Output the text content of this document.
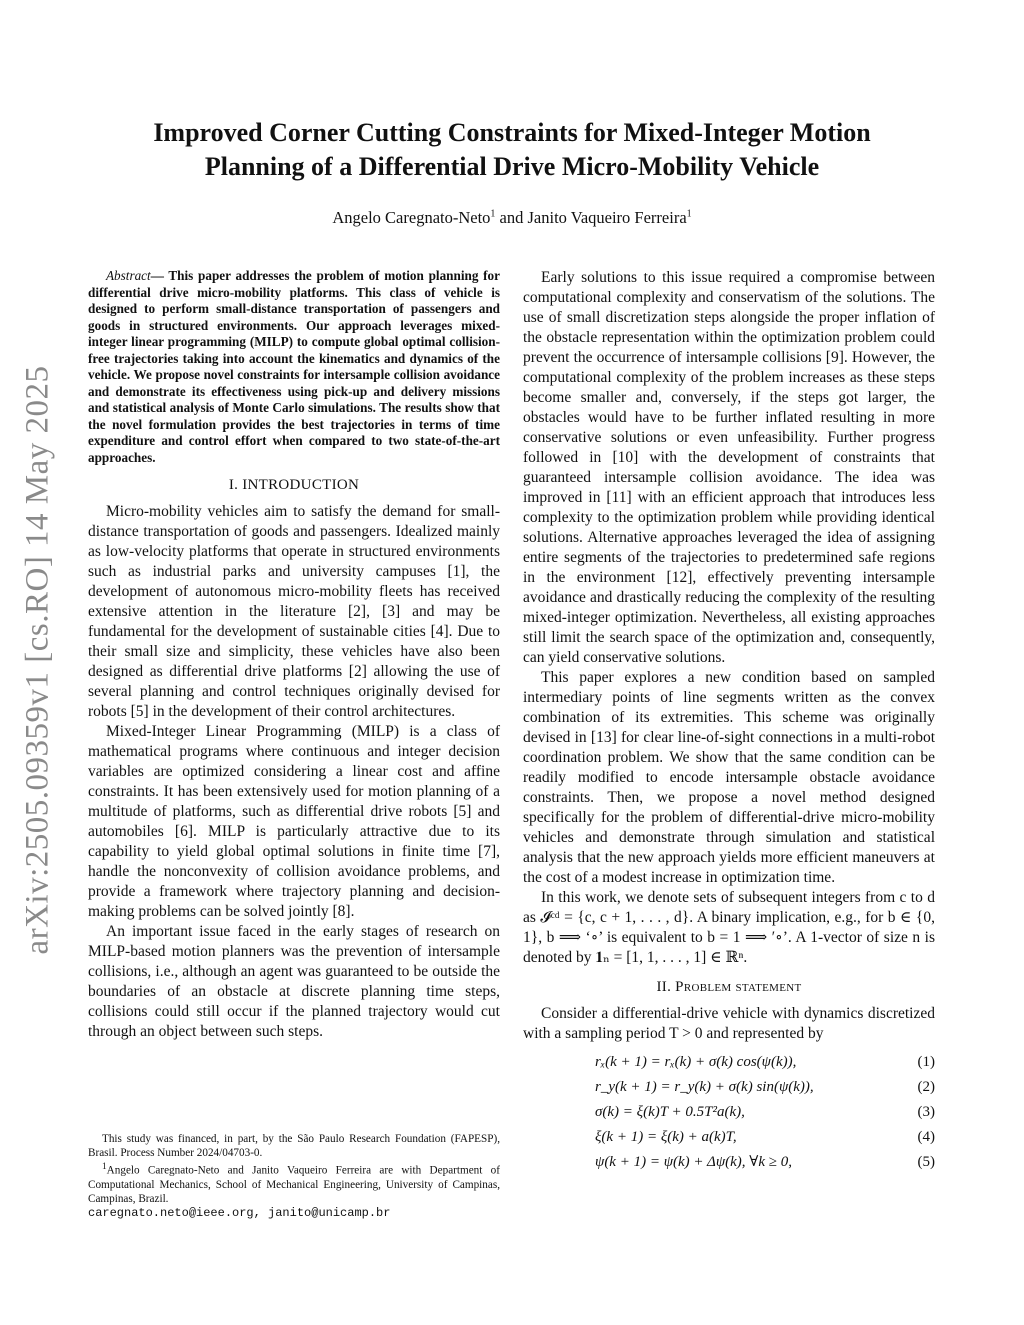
arXiv:2505.09359v1 [cs.RO] 14 May 2025
Improved Corner Cutting Constraints for Mixed-Integer Motion Planning of a Differential Drive Micro-Mobility Vehicle
Angelo Caregnato-Neto$^1$ and Janito Vaqueiro Ferreira$^1$

Abstract— This paper addresses the problem of motion planning for differential drive micro-mobility platforms. This class of vehicle is designed to perform small-distance transportation of passengers and goods in structured environments. Our approach leverages mixed-integer linear programming (MILP) to compute global optimal collision-free trajectories taking into account the kinematics and dynamics of the vehicle. We propose novel constraints for intersample collision avoidance and demonstrate its effectiveness using pick-up and delivery missions and statistical analysis of Monte Carlo simulations. The results show that the novel formulation provides the best trajectories in terms of time expenditure and control effort when compared to two state-of-the-art approaches.

I. INTRODUCTION

Micro-mobility vehicles aim to satisfy the demand for small-distance transportation of goods and passengers. Idealized mainly as low-velocity platforms that operate in structured environments such as industrial parks and university campuses [1], the development of autonomous micro-mobility fleets has received extensive attention in the literature [2], [3] and may be fundamental for the development of sustainable cities [4]. Due to their small size and simplicity, these vehicles have also been designed as differential drive platforms [2] allowing the use of several planning and control techniques originally devised for robots [5] in the development of their control architectures.

Mixed-Integer Linear Programming (MILP) is a class of mathematical programs where continuous and integer decision variables are optimized considering a linear cost and affine constraints. It has been extensively used for motion planning of a multitude of platforms, such as differential drive robots [5] and automobiles [6]. MILP is particularly attractive due to its capability to yield global optimal solutions in finite time [7], handle the nonconvexity of collision avoidance problems, and provide a framework where trajectory planning and decision-making problems can be solved jointly [8].

An important issue faced in the early stages of research on MILP-based motion planners was the prevention of intersample collisions, i.e., although an agent was guaranteed to be outside the boundaries of an obstacle at discrete planning time steps, collisions could still occur if the planned trajectory would cut through an object between such steps.

This study was financed, in part, by the São Paulo Research Foundation (FAPESP), Brasil. Process Number 2024/04703-0.
$^1$Angelo Caregnato-Neto and Janito Vaqueiro Ferreira are with Department of Computational Mechanics, School of Mechanical Engineering, University of Campinas, Campinas, Brazil.
caregnato.neto@ieee.org, janito@unicamp.br

Early solutions to this issue required a compromise between computational complexity and conservatism of the solutions. The use of small discretization steps alongside the proper inflation of the obstacle representation within the optimization problem could prevent the occurrence of intersample collisions [9]. However, the computational complexity of the problem increases as these steps become smaller and, conversely, if the steps got larger, the obstacles would have to be further inflated resulting in more conservative solutions or even unfeasibility. Further progress followed in [10] with the development of constraints that guaranteed intersample collision avoidance. The idea was improved in [11] with an efficient approach that introduces less complexity to the optimization problem while providing identical solutions. Alternative approaches leveraged the idea of assigning entire segments of the trajectories to predetermined safe regions in the environment [12], effectively preventing intersample avoidance and drastically reducing the complexity of the resulting mixed-integer optimization. Nevertheless, all existing approaches still limit the search space of the optimization and, consequently, can yield conservative solutions.

This paper explores a new condition based on sampled intermediary points of line segments written as the convex combination of its extremities. This scheme was originally devised in [13] for clear line-of-sight connections in a multi-robot coordination problem. We show that the same condition can be readily modified to encode intersample obstacle avoidance constraints. Then, we propose a novel method designed specifically for the problem of differential-drive micro-mobility vehicles and demonstrate through simulation and statistical analysis that the new approach yields more efficient maneuvers at the cost of a modest increase in optimization time.

In this work, we denote sets of subsequent integers from c to d as 𝓘ᶜᵈ = {c, c + 1, . . . , d}. A binary implication, e.g., for b ∈ {0, 1}, b ⟹ ‘∘’ is equivalent to b = 1 ⟹ ′∘’. A 1-vector of size n is denoted by 𝟏ₙ = [1, 1, . . . , 1] ∈ ℝⁿ.

II. Problem statement

Consider a differential-drive vehicle with dynamics discretized with a sampling period T > 0 and represented by

rₓ(k + 1) = rₓ(k) + σ(k) cos(ψ(k)),	(1)
r_y(k + 1) = r_y(k) + σ(k) sin(ψ(k)),	(2)
σ(k) = ξ(k)T + 0.5T²a(k),	(3)
ξ(k + 1) = ξ(k) + a(k)T,	(4)
ψ(k + 1) = ψ(k) + Δψ(k), ∀k ≥ 0,	(5)
